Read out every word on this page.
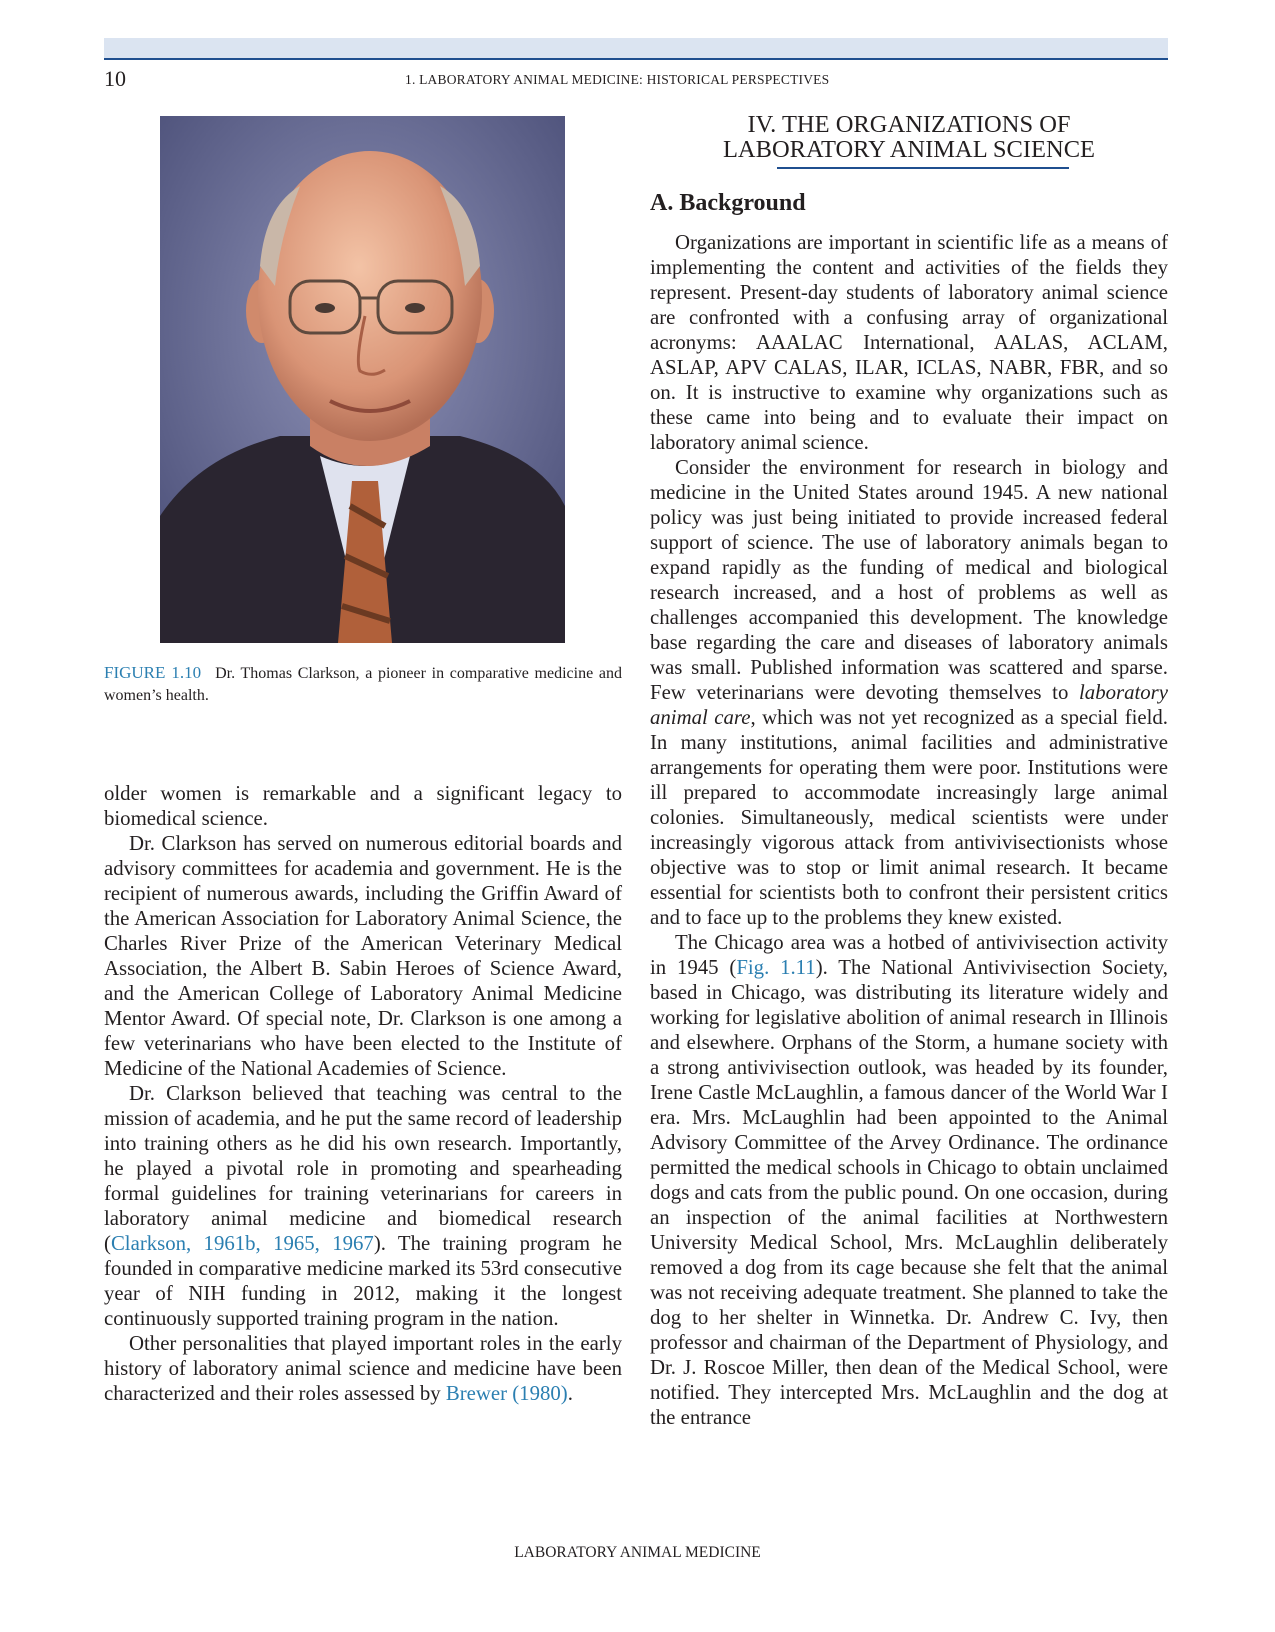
10	1. LABORATORY ANIMAL MEDICINE: HISTORICAL PERSPECTIVES
FIGURE 1.10 Dr. Thomas Clarkson, a pioneer in comparative medicine and women’s health.

older women is remarkable and a significant legacy to biomedical science.

Dr. Clarkson has served on numerous editorial boards and advisory committees for academia and government. He is the recipient of numerous awards, including the Griffin Award of the American Association for Laboratory Animal Science, the Charles River Prize of the American Veterinary Medical Association, the Albert B. Sabin Heroes of Science Award, and the American College of Laboratory Animal Medicine Mentor Award. Of special note, Dr. Clarkson is one among a few veterinarians who have been elected to the Institute of Medicine of the National Academies of Science.

Dr. Clarkson believed that teaching was central to the mission of academia, and he put the same record of leadership into training others as he did his own research. Importantly, he played a pivotal role in promoting and spearheading formal guidelines for training veterinarians for careers in laboratory animal medicine and biomedical research (Clarkson, 1961b, 1965, 1967). The training program he founded in comparative medicine marked its 53rd consecutive year of NIH funding in 2012, making it the longest continuously supported training program in the nation.

Other personalities that played important roles in the early history of laboratory animal science and medicine have been characterized and their roles assessed by Brewer (1980).

IV. THE ORGANIZATIONS OF
LABORATORY ANIMAL SCIENCE
A. Background

Organizations are important in scientific life as a means of implementing the content and activities of the fields they represent. Present-day students of laboratory animal science are confronted with a confusing array of organizational acronyms: AAALAC International, AALAS, ACLAM, ASLAP, APV CALAS, ILAR, ICLAS, NABR, FBR, and so on. It is instructive to examine why organizations such as these came into being and to evaluate their impact on laboratory animal science.

Consider the environment for research in biology and medicine in the United States around 1945. A new national policy was just being initiated to provide increased federal support of science. The use of laboratory animals began to expand rapidly as the funding of medical and biological research increased, and a host of problems as well as challenges accompanied this development. The knowledge base regarding the care and diseases of laboratory animals was small. Published information was scattered and sparse. Few veterinarians were devoting themselves to laboratory animal care, which was not yet recognized as a special field. In many institutions, animal facilities and administrative arrangements for operating them were poor. Institutions were ill prepared to accommodate increasingly large animal colonies. Simultaneously, medical scientists were under increasingly vigorous attack from antivivisectionists whose objective was to stop or limit animal research. It became essential for scientists both to confront their persistent critics and to face up to the problems they knew existed.

The Chicago area was a hotbed of antivivisection activity in 1945 (Fig. 1.11). The National Antivivisection Society, based in Chicago, was distributing its literature widely and working for legislative abolition of animal research in Illinois and elsewhere. Orphans of the Storm, a humane society with a strong antivivisection outlook, was headed by its founder, Irene Castle McLaughlin, a famous dancer of the World War I era. Mrs. McLaughlin had been appointed to the Animal Advisory Committee of the Arvey Ordinance. The ordinance permitted the medical schools in Chicago to obtain unclaimed dogs and cats from the public pound. On one occasion, during an inspection of the animal facilities at Northwestern University Medical School, Mrs. McLaughlin deliberately removed a dog from its cage because she felt that the animal was not receiving adequate treatment. She planned to take the dog to her shelter in Winnetka. Dr. Andrew C. Ivy, then professor and chairman of the Department of Physiology, and Dr. J. Roscoe Miller, then dean of the Medical School, were notified. They intercepted Mrs. McLaughlin and the dog at the entrance

LABORATORY ANIMAL MEDICINE
